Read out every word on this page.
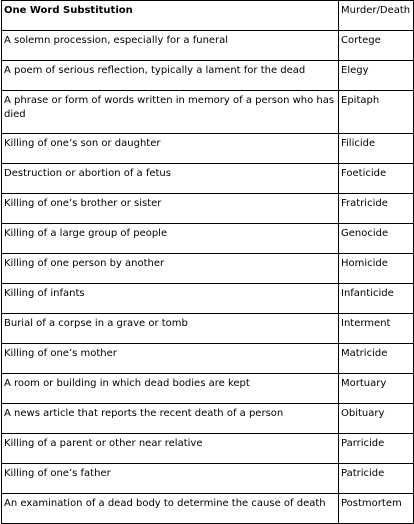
One Word Substitution	Murder/Death
A solemn procession, especially for a funeral	Cortege
A poem of serious reflection, typically a lament for the dead	Elegy
A phrase or form of words written in memory of a person who has died	Epitaph
Killing of one’s son or daughter	Filicide
Destruction or abortion of a fetus	Foeticide
Killing of one’s brother or sister	Fratricide
Killing of a large group of people	Genocide
Killing of one person by another	Homicide
Killing of infants	Infanticide
Burial of a corpse in a grave or tomb	Interment
Killing of one’s mother	Matricide
A room or building in which dead bodies are kept	Mortuary
A news article that reports the recent death of a person	Obituary
Killing of a parent or other near relative	Parricide
Killing of one’s father	Patricide
An examination of a dead body to determine the cause of death	Postmortem
